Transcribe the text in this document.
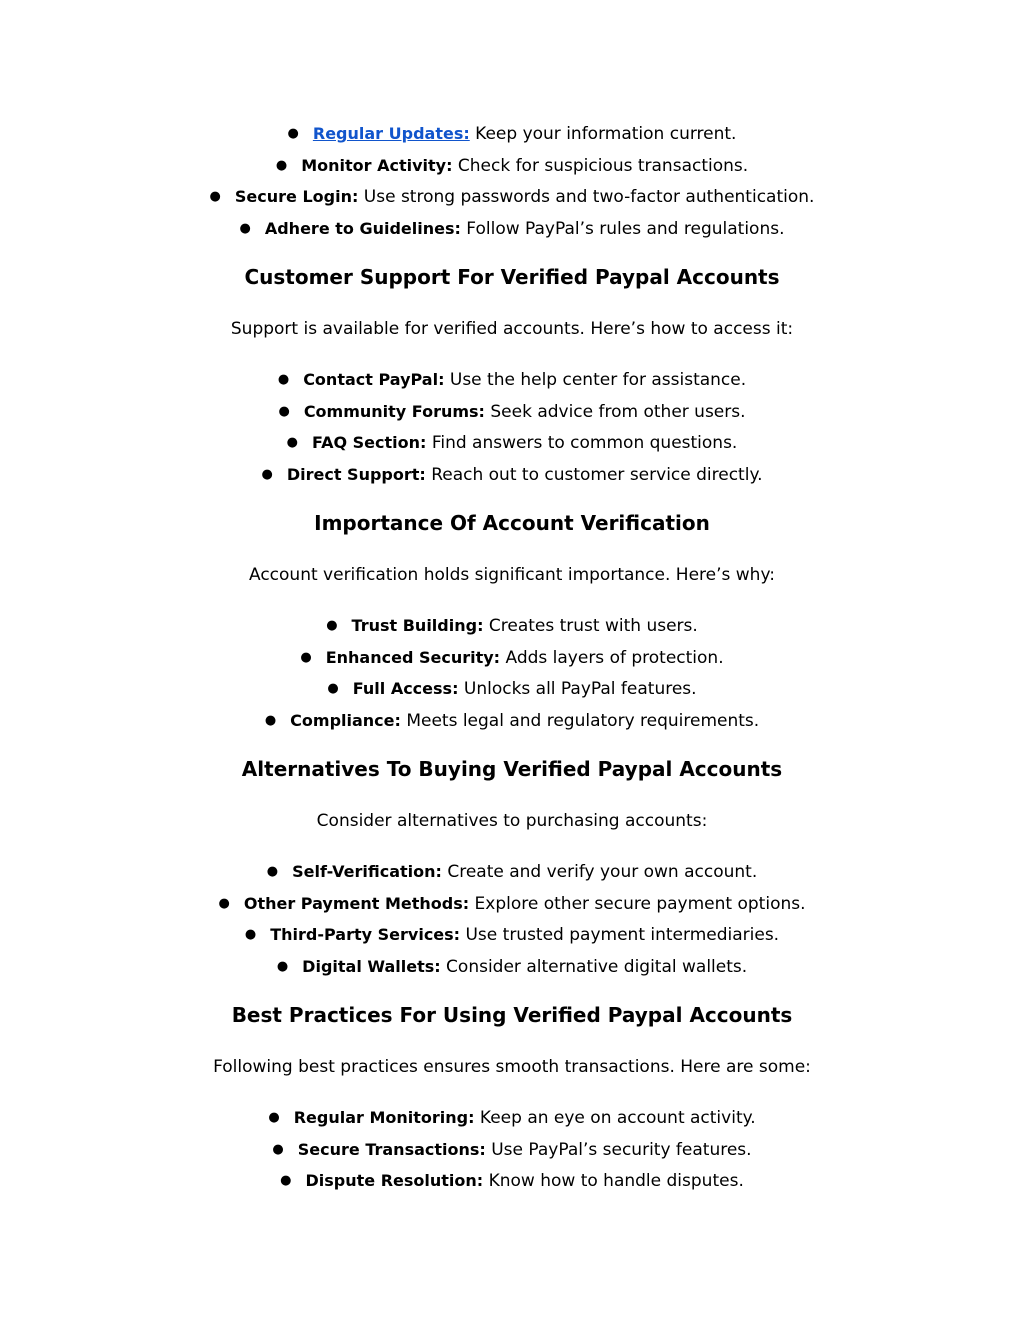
● Regular Updates: Keep your information current.
● Monitor Activity: Check for suspicious transactions.
● Secure Login: Use strong passwords and two-factor authentication.
● Adhere to Guidelines: Follow PayPal’s rules and regulations.
Customer Support For Verified Paypal Accounts

Support is available for verified accounts. Here’s how to access it:

● Contact PayPal: Use the help center for assistance.
● Community Forums: Seek advice from other users.
● FAQ Section: Find answers to common questions.
● Direct Support: Reach out to customer service directly.
Importance Of Account Verification

Account verification holds significant importance. Here’s why:

● Trust Building: Creates trust with users.
● Enhanced Security: Adds layers of protection.
● Full Access: Unlocks all PayPal features.
● Compliance: Meets legal and regulatory requirements.
Alternatives To Buying Verified Paypal Accounts

Consider alternatives to purchasing accounts:

● Self-Verification: Create and verify your own account.
● Other Payment Methods: Explore other secure payment options.
● Third-Party Services: Use trusted payment intermediaries.
● Digital Wallets: Consider alternative digital wallets.
Best Practices For Using Verified Paypal Accounts

Following best practices ensures smooth transactions. Here are some:

● Regular Monitoring: Keep an eye on account activity.
● Secure Transactions: Use PayPal’s security features.
● Dispute Resolution: Know how to handle disputes.
